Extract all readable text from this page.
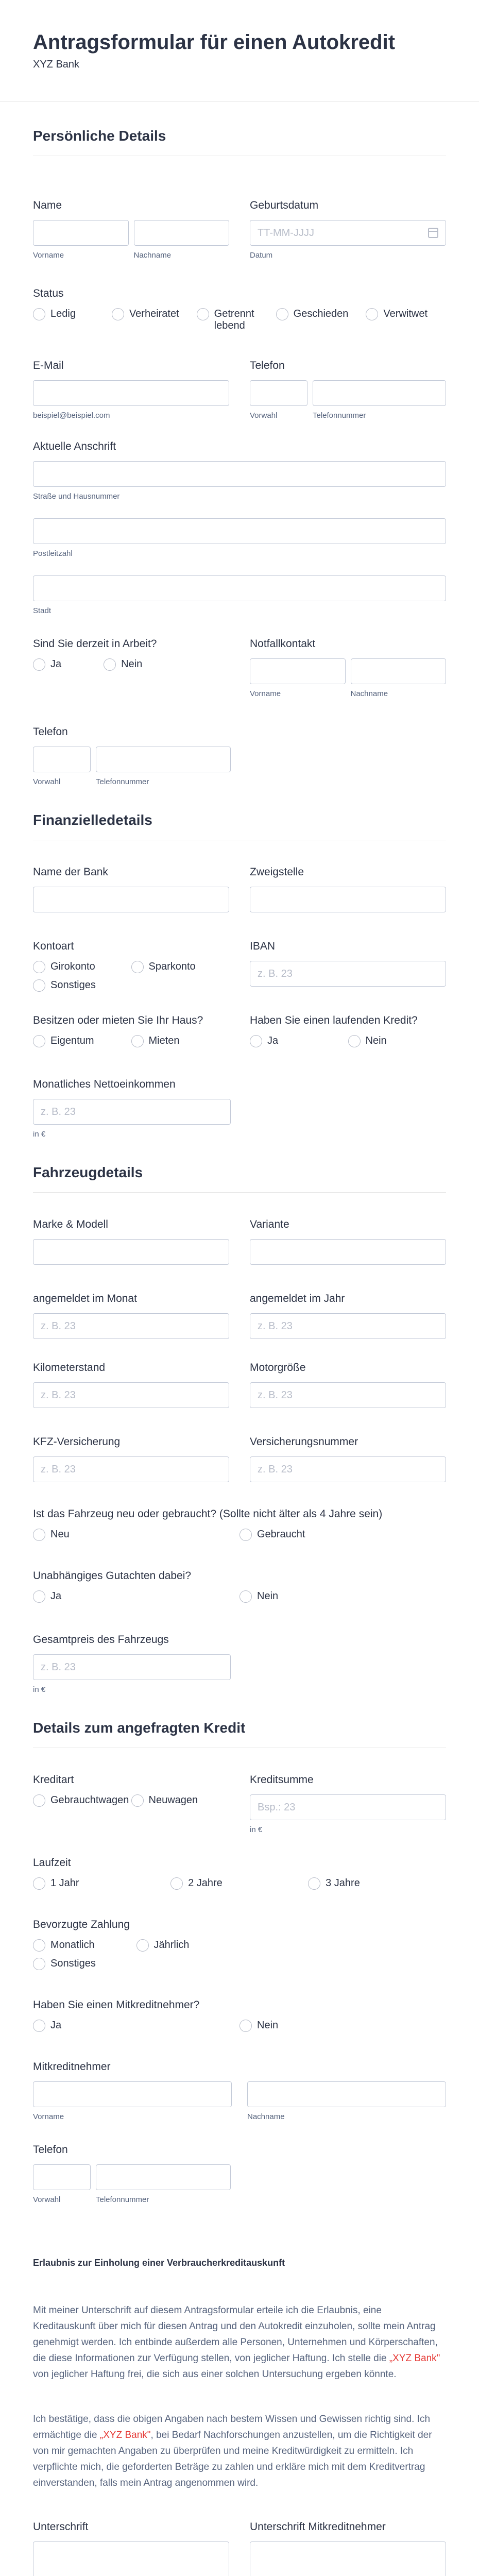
Antragsformular für einen Autokredit
XYZ Bank
Persönliche Details
Name
Vorname	Nachname
Geburtsdatum
TT-MM-JJJJ
Datum
Status
Ledig	Verheiratet	Getrennt lebend
Geschieden	Verwitwet
E-Mail
beispiel@beispiel.com
Telefon
Vorwahl	Telefonnummer
Aktuelle Anschrift
Straße und Hausnummer
Postleitzahl
Stadt
Sind Sie derzeit in Arbeit?
Ja	Nein
Notfallkontakt
Vorname	Nachname
Telefon
Vorwahl	Telefonnummer
Finanzielledetails
Name der Bank	Zweigstelle
Kontoart
Girokonto	Sparkonto
Sonstiges
IBAN
z. B. 23
Besitzen oder mieten Sie Ihr Haus?
Eigentum	Mieten
Haben Sie einen laufenden Kredit?
Ja	Nein
Monatliches Nettoeinkommen
z. B. 23
in €
Fahrzeugdetails
Marke & Modell	Variante
angemeldet im Monat
z. B. 23
angemeldet im Jahr
z. B. 23
Kilometerstand
z. B. 23
Motorgröße
z. B. 23
KFZ-Versicherung
z. B. 23
Versicherungsnummer
z. B. 23
Ist das Fahrzeug neu oder gebraucht? (Sollte nicht älter als 4 Jahre sein)
Neu	Gebraucht
Unabhängiges Gutachten dabei?
Ja	Nein
Gesamtpreis des Fahrzeugs
z. B. 23
in €
Details zum angefragten Kredit
Kreditart
Gebrauchtwagen Neuwagen
Kreditsumme
Bsp.: 23
in €
Laufzeit
1 Jahr	2 Jahre	3 Jahre
Bevorzugte Zahlung
Monatlich	Jährlich
Sonstiges
Haben Sie einen Mitkreditnehmer?
Ja	Nein
Mitkreditnehmer
Vorname	Nachname
Telefon
Vorwahl	Telefonnummer
Erlaubnis zur Einholung einer Verbraucherkreditauskunft

Mit meiner Unterschrift auf diesem Antragsformular erteile ich die Erlaubnis, eine Kreditauskunft über mich für diesen Antrag und den Autokredit einzuholen, sollte mein Antrag genehmigt werden. Ich entbinde außerdem alle Personen, Unternehmen und Körperschaften, die diese Informationen zur Verfügung stellen, von jeglicher Haftung. Ich stelle die „XYZ Bank" von jeglicher Haftung frei, die sich aus einer solchen Untersuchung ergeben könnte.

Ich bestätige, dass die obigen Angaben nach bestem Wissen und Gewissen richtig sind. Ich ermächtige die „XYZ Bank", bei Bedarf Nachforschungen anzustellen, um die Richtigkeit der von mir gemachten Angaben zu überprüfen und meine Kreditwürdigkeit zu ermitteln. Ich verpflichte mich, die geforderten Beträge zu zahlen und erkläre mich mit dem Kreditvertrag einverstanden, falls mein Antrag angenommen wird.

Unterschrift	Unterschrift Mitkreditnehmer
